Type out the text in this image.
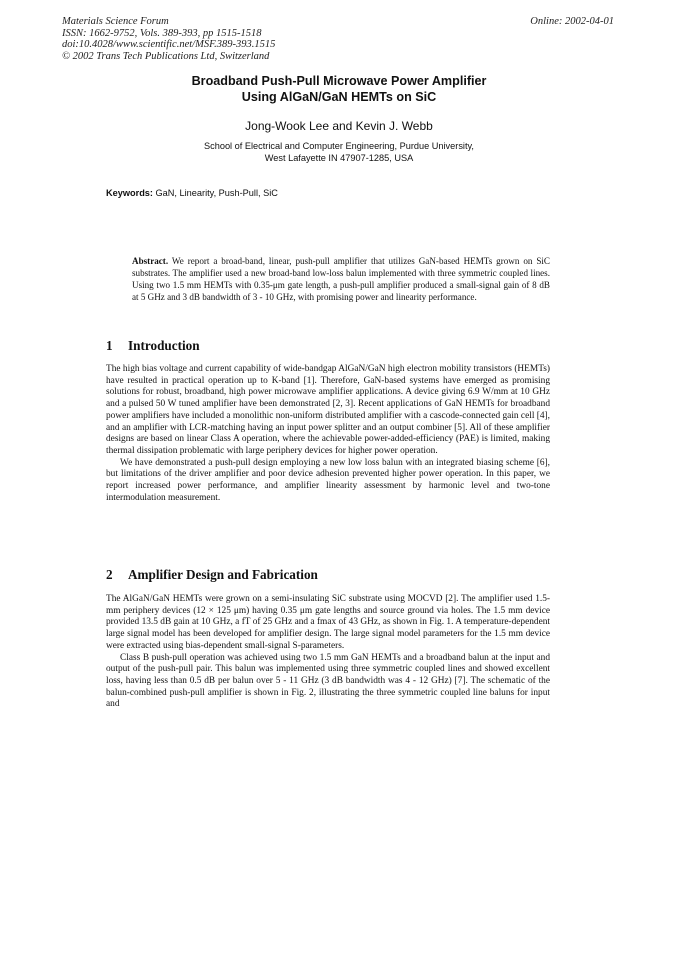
Materials Science Forum
ISSN: 1662-9752, Vols. 389-393, pp 1515-1518
doi:10.4028/www.scientific.net/MSF.389-393.1515
© 2002 Trans Tech Publications Ltd, Switzerland
Online: 2002-04-01
Broadband Push-Pull Microwave Power Amplifier
Using AlGaN/GaN HEMTs on SiC
Jong-Wook Lee and Kevin J. Webb
School of Electrical and Computer Engineering, Purdue University,
West Lafayette IN 47907-1285, USA
Keywords: GaN, Linearity, Push-Pull, SiC
Abstract. We report a broad-band, linear, push-pull amplifier that utilizes GaN-based HEMTs grown on SiC substrates. The amplifier used a new broad-band low-loss balun implemented with three symmetric coupled lines. Using two 1.5 mm HEMTs with 0.35-μm gate length, a push-pull amplifier produced a small-signal gain of 8 dB at 5 GHz and 3 dB bandwidth of 3 - 10 GHz, with promising power and linearity performance.
1 Introduction

The high bias voltage and current capability of wide-bandgap AlGaN/GaN high electron mobility transistors (HEMTs) have resulted in practical operation up to K-band [1]. Therefore, GaN-based systems have emerged as promising solutions for robust, broadband, high power microwave amplifier applications. A device giving 6.9 W/mm at 10 GHz and a pulsed 50 W tuned amplifier have been demonstrated [2, 3]. Recent applications of GaN HEMTs for broadband power amplifiers have included a monolithic non-uniform distributed amplifier with a cascode-connected gain cell [4], and an amplifier with LCR-matching having an input power splitter and an output combiner [5]. All of these amplifier designs are based on linear Class A operation, where the achievable power-added-efficiency (PAE) is limited, making thermal dissipation problematic with large periphery devices for higher power operation.

We have demonstrated a push-pull design employing a new low loss balun with an integrated biasing scheme [6], but limitations of the driver amplifier and poor device adhesion prevented higher power operation. In this paper, we report increased power performance, and amplifier linearity assessment by harmonic level and two-tone intermodulation measurement.

2 Amplifier Design and Fabrication

The AlGaN/GaN HEMTs were grown on a semi-insulating SiC substrate using MOCVD [2]. The amplifier used 1.5-mm periphery devices (12 × 125 μm) having 0.35 μm gate lengths and source ground via holes. The 1.5 mm device provided 13.5 dB gain at 10 GHz, a fT of 25 GHz and a fmax of 43 GHz, as shown in Fig. 1. A temperature-dependent large signal model has been developed for amplifier design. The large signal model parameters for the 1.5 mm device were extracted using bias-dependent small-signal S-parameters.

Class B push-pull operation was achieved using two 1.5 mm GaN HEMTs and a broadband balun at the input and output of the push-pull pair. This balun was implemented using three symmetric coupled lines and showed excellent loss, having less than 0.5 dB per balun over 5 - 11 GHz (3 dB bandwidth was 4 - 12 GHz) [7]. The schematic of the balun-combined push-pull amplifier is shown in Fig. 2, illustrating the three symmetric coupled line baluns for input and
